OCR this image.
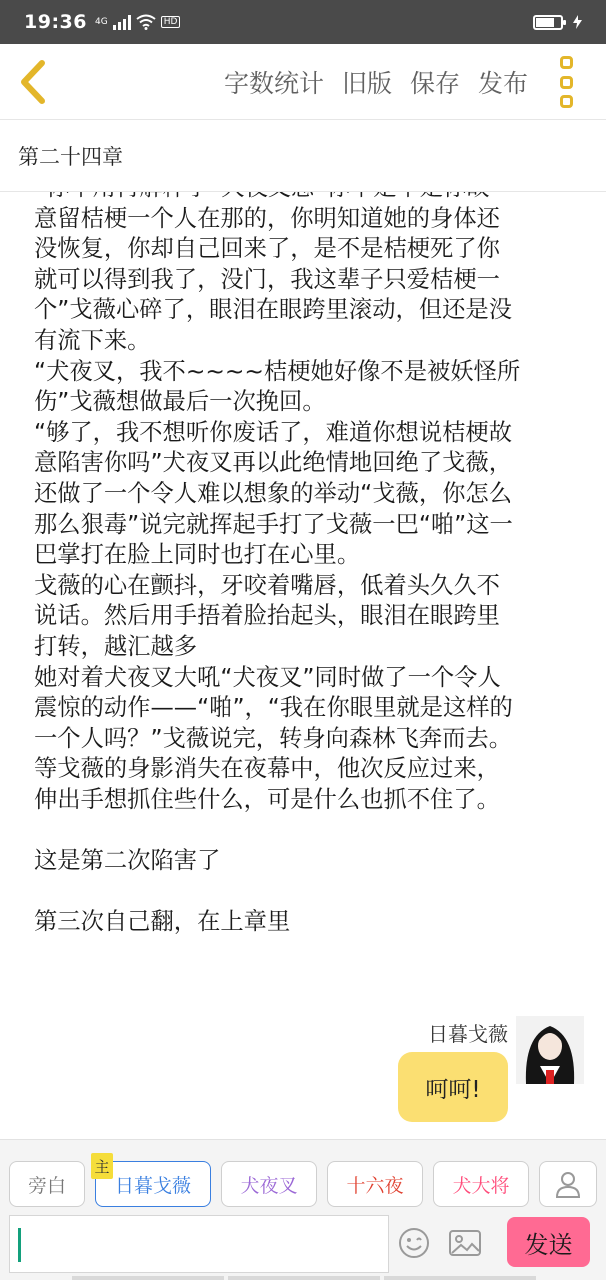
19:36 4G	HD
字数统计 旧版 保存 发布
第二十四章

意留桔梗一个人在那的，你明知道她的身体还

没恢复，你却自己回来了，是不是桔梗死了你

就可以得到我了，没门，我这辈子只爱桔梗一

个”戈薇心碎了，眼泪在眼跨里滚动，但还是没

有流下来。

“犬夜叉，我不~~~~桔梗她好像不是被妖怪所

伤”戈薇想做最后一次挽回。

“够了，我不想听你废话了，难道你想说桔梗故

意陷害你吗”犬夜叉再以此绝情地回绝了戈薇，

还做了一个令人难以想象的举动“戈薇，你怎么

那么狠毒”说完就挥起手打了戈薇一巴“啪”这一

巴掌打在脸上同时也打在心里。

戈薇的心在颤抖，牙咬着嘴唇，低着头久久不

说话。然后用手捂着脸抬起头，眼泪在眼跨里

打转，越汇越多

她对着犬夜叉大吼“犬夜叉”同时做了一个令人

震惊的动作——“啪”，“我在你眼里就是这样的

一个人吗？”戈薇说完，转身向森林飞奔而去。

等戈薇的身影消失在夜幕中，他次反应过来，

伸出手想抓住些什么，可是什么也抓不住了。

这是第二次陷害了

第三次自己翻，在上章里

日暮戈薇
呵呵!
旁白
主
日暮戈薇	犬夜叉	十六夜	犬大将
发送
